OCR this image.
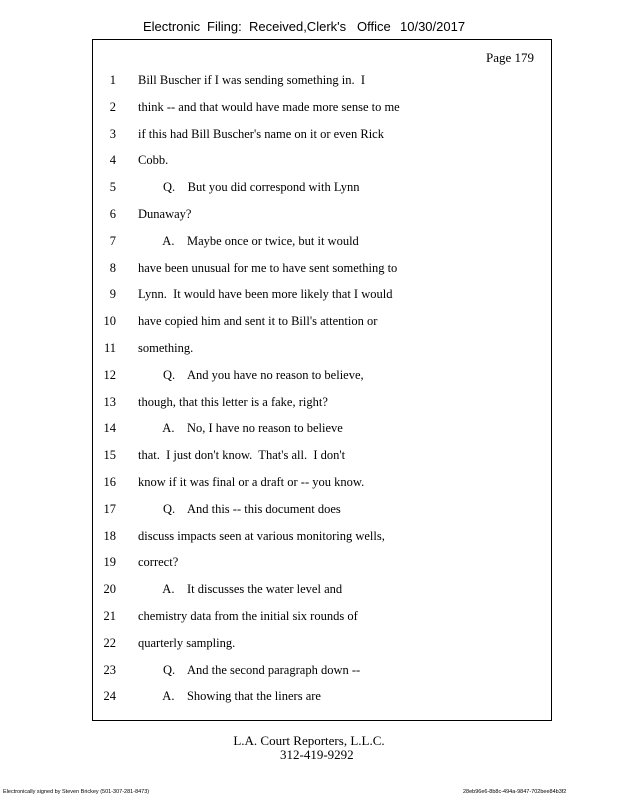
Electronic Filing: Received,Clerk's Office 10/30/2017
Page 179
1 Bill Buscher if I was sending something in.  I
2 think -- and that would have made more sense to me
3 if this had Bill Buscher's name on it or even Rick
4 Cobb.
5 Q.    But you did correspond with Lynn
6 Dunaway?
7 A.    Maybe once or twice, but it would
8 have been unusual for me to have sent something to
9 Lynn.  It would have been more likely that I would
10 have copied him and sent it to Bill's attention or
11 something.
12 Q.    And you have no reason to believe,
13 though, that this letter is a fake, right?
14 A.    No, I have no reason to believe
15 that.  I just don't know.  That's all.  I don't
16 know if it was final or a draft or -- you know.
17 Q.    And this -- this document does
18 discuss impacts seen at various monitoring wells,
19 correct?
20 A.    It discusses the water level and
21 chemistry data from the initial six rounds of
22 quarterly sampling.
23 Q.    And the second paragraph down --
24 A.    Showing that the liners are
L.A. Court Reporters, L.L.C.
312-419-9292
Electronically signed by Steven Brickey (501-307-281-8473)	28eb96e6-8b8c-494a-9847-702bee84b3f2
